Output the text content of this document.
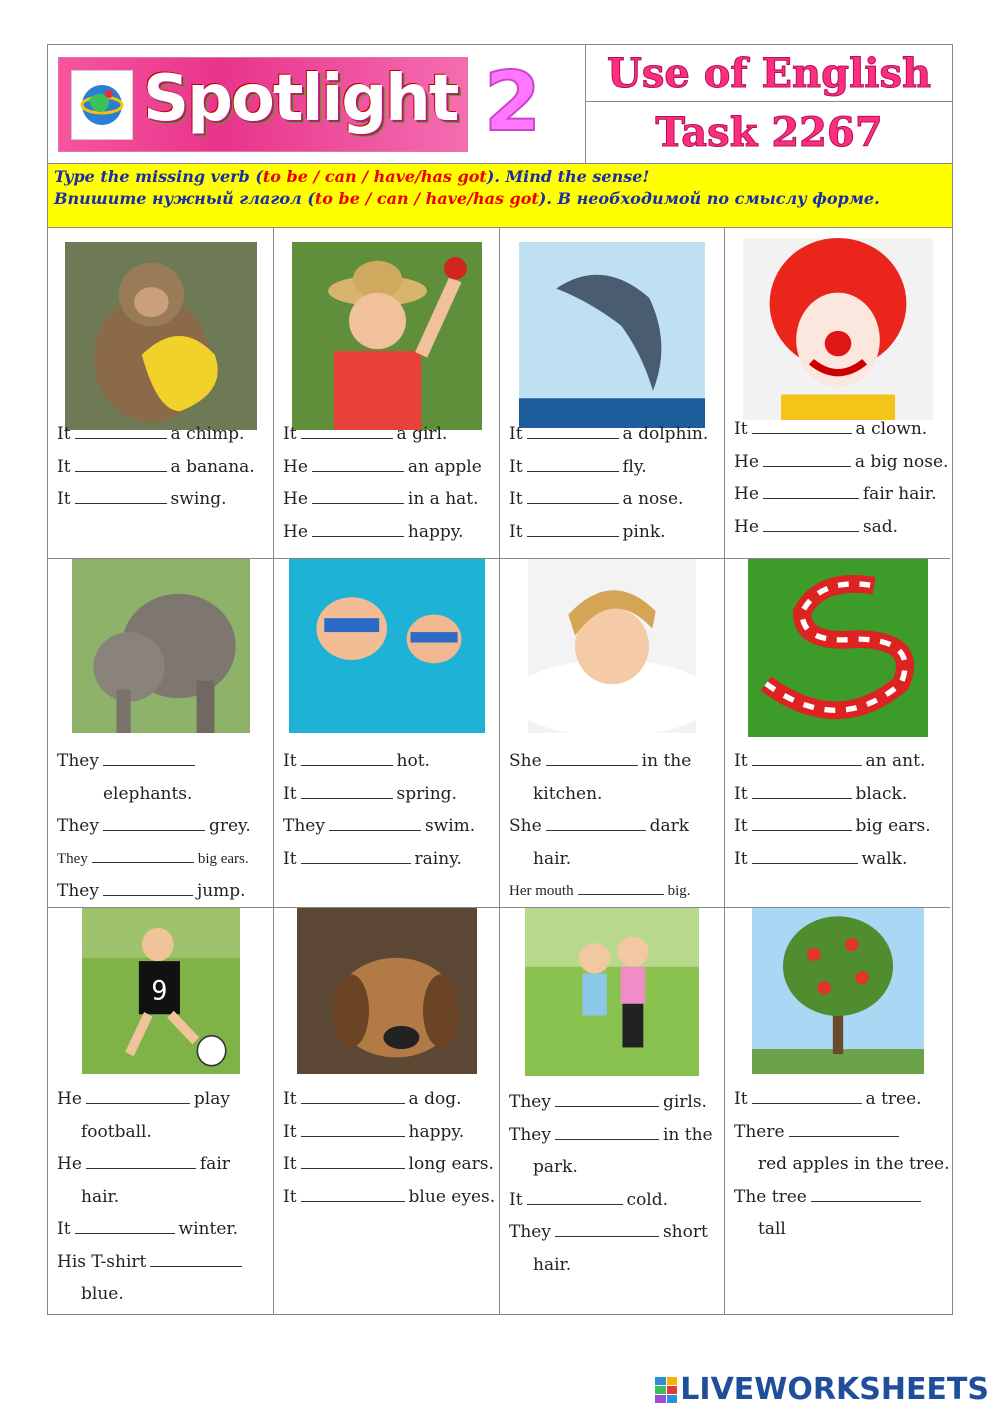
Spotlight 2 Use of English
Task 2267
Type the missing verb (to be / can / have/has got). Mind the sense!
Впишите нужный глагол (to be / can / have/has got). В необходимой по смыслу форме.
It	a chimp.
It	a banana.
It	swing.
It	a girl.
He	an apple
He	in a hat.
He	happy.
It	a dolphin.
It	fly.
It	a nose.
It	pink.
It	a clown.
He	a big nose.
He	fair hair.
He	sad.
They
elephants.
They	grey.
They	big ears.
They	jump.
It	hot.
It	spring.
They	swim.
It	rainy.
She	in the
kitchen.
She	dark
hair.
Her mouth	big.
It	an ant.
It	black.
It	big ears.
It	walk.
9
He	play
football.
He	fair
hair.
It	winter.
His T-shirt
blue.
It	a dog.
It	happy.
It	long ears.
It	blue eyes.
They	girls.
They	in the
park.
It	cold.
They	short
hair.
It	a tree.
There
red apples in the tree.
The tree
tall
LIVEWORKSHEETS
